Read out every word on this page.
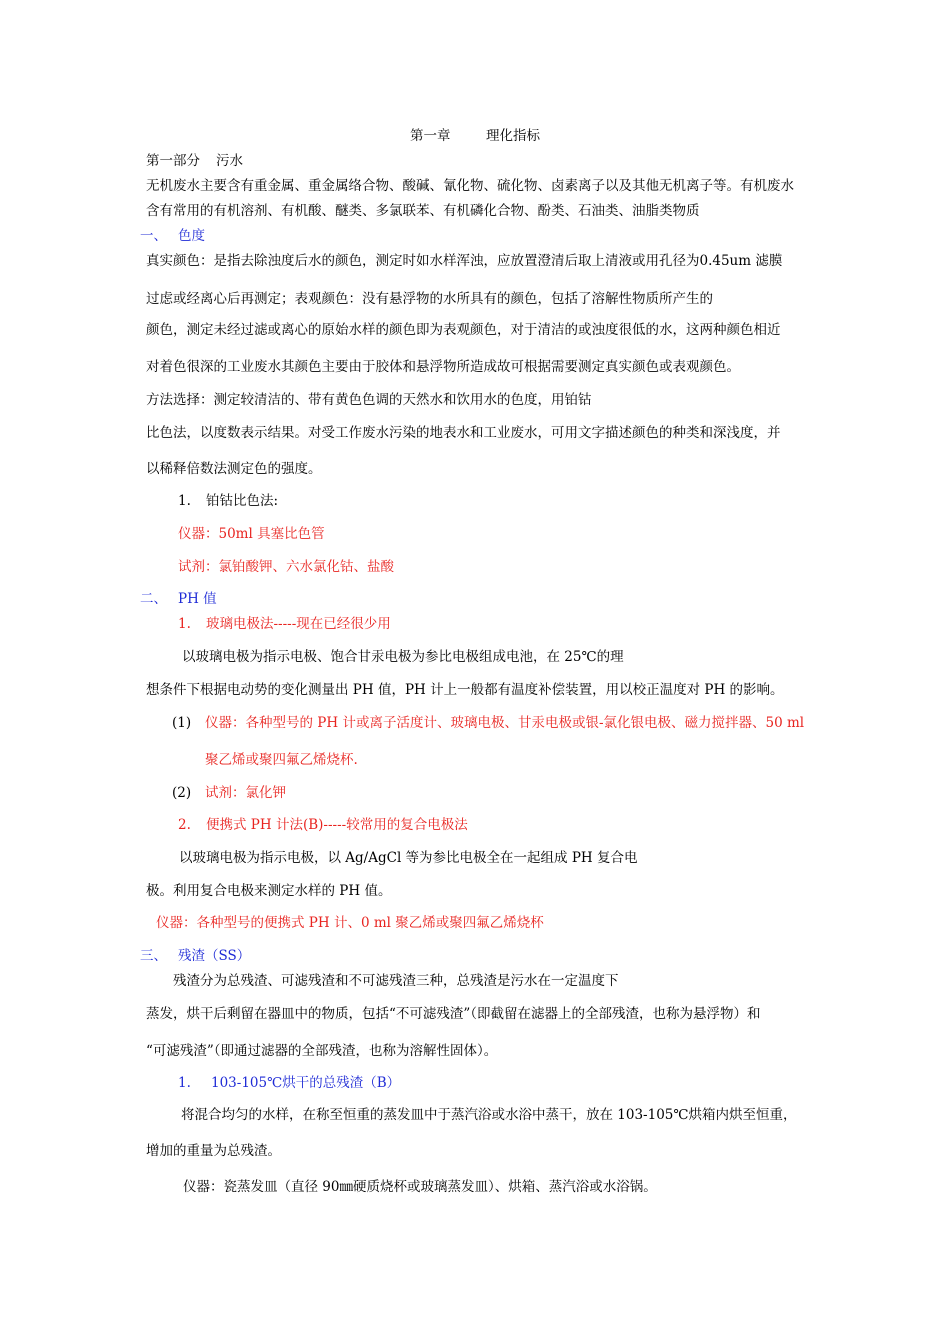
第一章	理化指标
第一部分 污水
无机废水主要含有重金属、重金属络合物、酸碱、氰化物、硫化物、卤素离子以及其他无机离子等。有机废水
含有常用的有机溶剂、有机酸、醚类、多氯联苯、有机磷化合物、酚类、石油类、油脂类物质
一、 色度
真实颜色：是指去除浊度后水的颜色，测定时如水样浑浊，应放置澄清后取上清液或用孔径为0.45um 滤膜
过虑或经离心后再测定；表观颜色：没有悬浮物的水所具有的颜色，包括了溶解性物质所产生的
颜色，测定未经过滤或离心的原始水样的颜色即为表观颜色，对于清洁的或浊度很低的水，这两种颜色相近
对着色很深的工业废水其颜色主要由于胶体和悬浮物所造成故可根据需要测定真实颜色或表观颜色。
方法选择：测定较清洁的、带有黄色色调的天然水和饮用水的色度，用铂钴
比色法，以度数表示结果。对受工作废水污染的地表水和工业废水，可用文字描述颜色的种类和深浅度，并
以稀释倍数法测定色的强度。
1. 铂钴比色法:
仪器：50ml 具塞比色管
试剂：氯铂酸钾、六水氯化钴、盐酸
二、 PH 值
1. 玻璃电极法-----现在已经很少用
以玻璃电极为指示电极、饱合甘汞电极为参比电极组成电池，在 25℃的理
想条件下根据电动势的变化测量出 PH 值，PH 计上一般都有温度补偿装置，用以校正温度对 PH 的影响。
(1) 仪器：各种型号的 PH 计或离子活度计、玻璃电极、甘汞电极或银-氯化银电极、磁力搅拌器、50 ml
聚乙烯或聚四氟乙烯烧杯.
(2) 试剂：氯化钾
2. 便携式 PH 计法(B)-----较常用的复合电极法
以玻璃电极为指示电极，以 Ag/AgCl 等为参比电极全在一起组成 PH 复合电
极。利用复合电极来测定水样的 PH 值。
仪器：各种型号的便携式 PH 计、0 ml 聚乙烯或聚四氟乙烯烧杯
三、 残渣（SS）
残渣分为总残渣、可滤残渣和不可滤残渣三种，总残渣是污水在一定温度下
蒸发，烘干后剩留在器皿中的物质，包括“不可滤残渣”（即截留在滤器上的全部残渣，也称为悬浮物）和
“可滤残渣”（即通过滤器的全部残渣，也称为溶解性固体）。
1. 103-105℃烘干的总残渣（B）
将混合均匀的水样，在称至恒重的蒸发皿中于蒸汽浴或水浴中蒸干，放在 103-105℃烘箱内烘至恒重，
增加的重量为总残渣。
仪器：瓷蒸发皿（直径 90㎜硬质烧杯或玻璃蒸发皿）、烘箱、蒸汽浴或水浴锅。
